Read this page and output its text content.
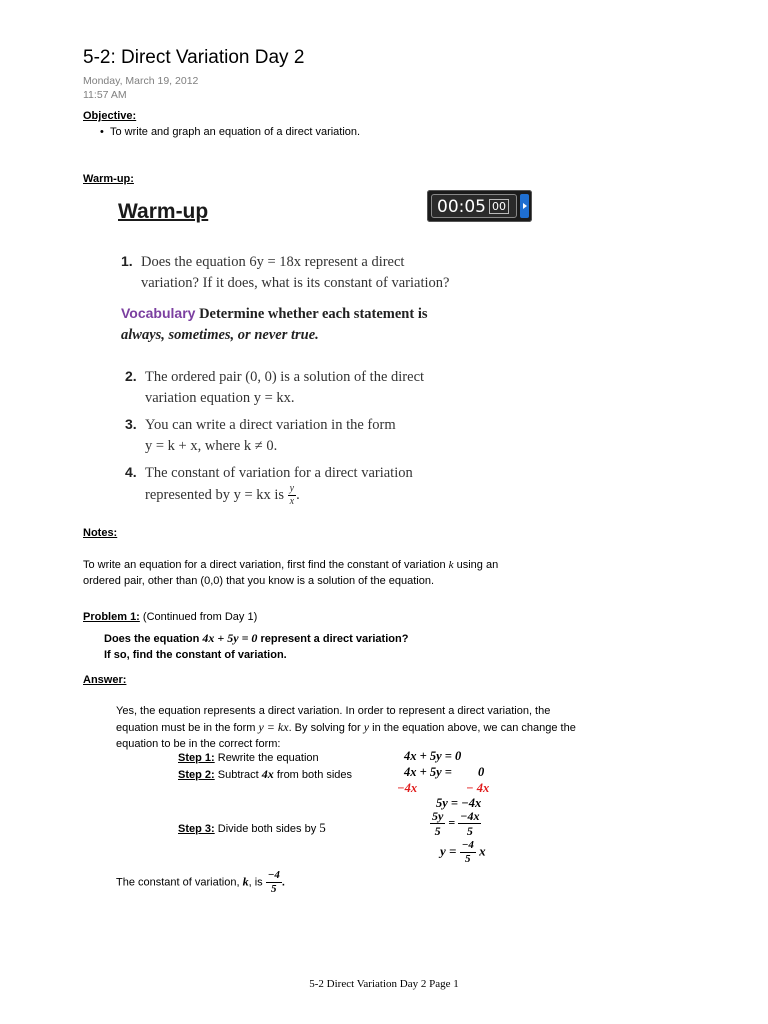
5-2: Direct Variation Day 2
Monday, March 19, 2012
11:57 AM
Objective:
• To write and graph an equation of a direct variation.
Warm-up:
Warm-up	00:05 00
1. Does the equation 6y = 18x represent a direct
variation? If it does, what is its constant of variation?
Vocabulary Determine whether each statement is
always, sometimes, or never true.
2. The ordered pair (0, 0) is a solution of the direct
variation equation y = kx.
3. You can write a direct variation in the form
y = k + x, where k ≠ 0.
4. The constant of variation for a direct variation
represented by y = kx is $\frac{y}{x}$ .
Notes:
To write an equation for a direct variation, first find the constant of variation k using an
ordered pair, other than (0,0) that you know is a solution of the equation.
Problem 1: (Continued from Day 1)
Does the equation 4x + 5y = 0 represent a direct variation?
If so, find the constant of variation.
Answer:
Yes, the equation represents a direct variation. In order to represent a direct variation, the
equation must be in the form y = kx. By solving for y in the equation above, we can change the
equation to be in the correct form:
Step 1: Rewrite the equation	4x + 5y = 0
Step 2: Subtract 4x from both sides	4x + 5y = 0
−4x	− 4x
5y = −4x
Step 3: Divide both sides by 5	$\frac{5y}{5} = \frac{-4x}{5}$
$y = \frac{-4}{5}$ x
The constant of variation, k, is $\frac{-4}{5}$ .
5-2 Direct Variation Day 2 Page 1
